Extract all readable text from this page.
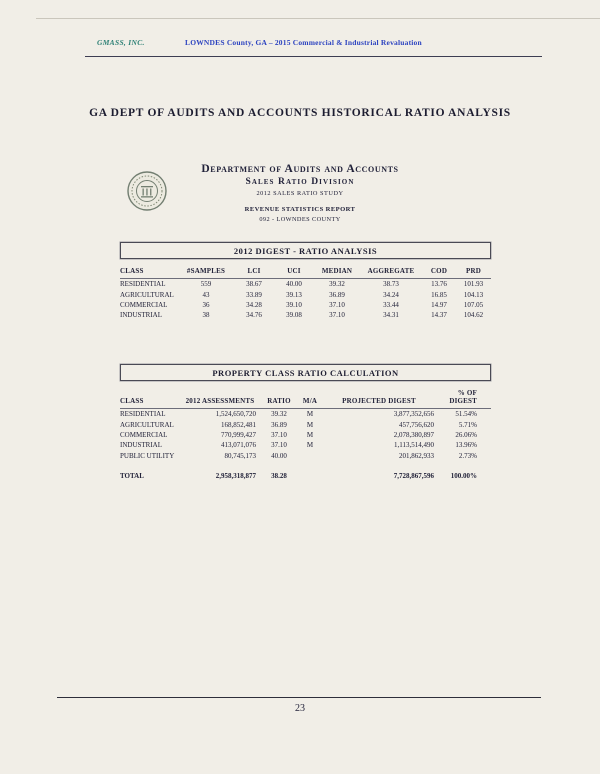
GMASS, INC.	LOWNDES County, GA – 2015 Commercial & Industrial Revaluation
GA DEPT OF AUDITS AND ACCOUNTS HISTORICAL RATIO ANALYSIS
Department of Audits and Accounts
Sales Ratio Division
2012 SALES RATIO STUDY
REVENUE STATISTICS REPORT
092 - LOWNDES COUNTY
2012 DIGEST - RATIO ANALYSIS
CLASS	#SAMPLES	LCI	UCI	MEDIAN	AGGREGATE	COD	PRD
RESIDENTIAL	559	38.67	40.00	39.32	38.73	13.76	101.93
AGRICULTURAL	43	33.89	39.13	36.89	34.24	16.85	104.13
COMMERCIAL	36	34.28	39.10	37.10	33.44	14.97	107.05
INDUSTRIAL	38	34.76	39.08	37.10	34.31	14.37	104.62
PROPERTY CLASS RATIO CALCULATION
CLASS	2012 ASSESSMENTS	RATIO	M/A	PROJECTED DIGEST	% OF DIGEST
RESIDENTIAL	1,524,650,720	39.32	M	3,877,352,656	51.54%
AGRICULTURAL	168,852,481	36.89	M	457,756,620	5.71%
COMMERCIAL	770,999,427	37.10	M	2,078,380,897	26.06%
INDUSTRIAL	413,071,076	37.10	M	1,113,514,490	13.96%
PUBLIC UTILITY	80,745,173	40.00		201,862,933	2.73%
TOTAL	2,958,318,877	38.28		7,728,867,596	100.00%
23
